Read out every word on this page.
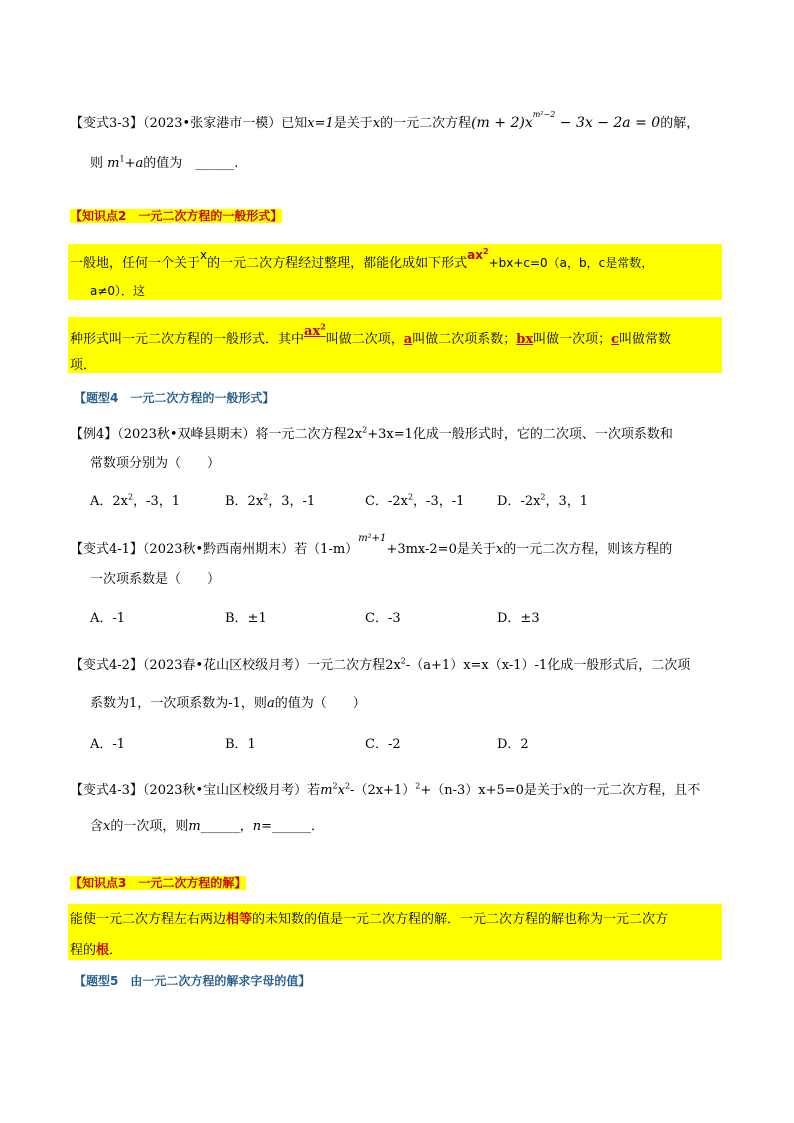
【变式3-3】（2023•张家港市一模）已知x=1是关于x的一元二次方程$(m + 2)x^{m^2-2} - 3x - 2a = 0$的解，
则 $m^1+a$的值为　 ______.
【知识点2　一元二次方程的一般形式】
一般地，任何一个关于x的一元二次方程经过整理，都能化成如下形式$ax^2+bx+c=0(a$，b，c是常数，
a≠0）．这
种形式叫一元二次方程的一般形式．其中$ax^2$叫做二次项，a叫做二次项系数；bx叫做一次项；c叫做常数
项．
【题型4　一元二次方程的一般形式】
【例4】（2023秋•双峰县期末）将一元二次方程$2x^2+3x=1$化成一般形式时，它的二次项、一次项系数和
常数项分别为（　　）
A．$2x^2$，-3，1	B．$2x^2$，3，-1	C．$-2x^2$，-3，-1	D．$-2x^2$，3，1
【变式4-1】（2023秋•黔西南州期末）若$(1-m)^{m^2+1}+3mx-2=0$是关于x的一元二次方程，则该方程的
一次项系数是（　　）
A．-1	B．±1	C．-3	D．±3
【变式4-2】（2023春•花山区校级月考）一元二次方程$2x^2-(a+1)x=x(x-1)-1$化成一般形式后，二次项
系数为1，一次项系数为-1，则a的值为（　　）
A．-1	B．1	C．-2	D．2
【变式4-3】（2023秋•宝山区校级月考）若$m^2x^2-(2x+1)^2+(n-3)x+5=0$是关于x的一元二次方程，且不
含x的一次项，则m______，n=______．
【知识点3　一元二次方程的解】
能使一元二次方程左右两边相等的未知数的值是一元二次方程的解．一元二次方程的解也称为一元二次方
程的根．
【题型5　由一元二次方程的解求字母的值】
